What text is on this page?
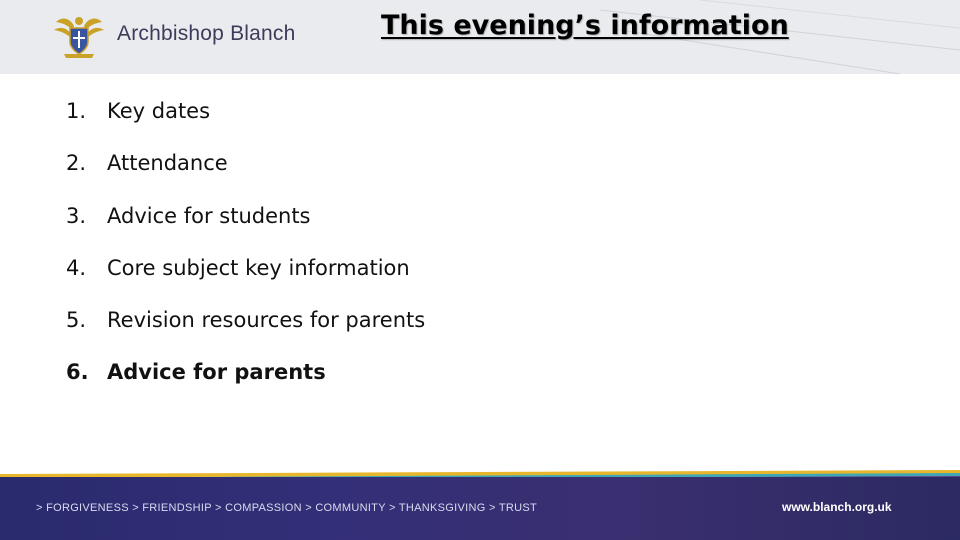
Archbishop Blanch	This evening’s information
1. Key dates
2. Attendance
3. Advice for students
4. Core subject key information
5. Revision resources for parents
6. Advice for parents
> FORGIVENESS > FRIENDSHIP > COMPASSION > COMMUNITY > THANKSGIVING > TRUST	www.blanch.org.uk
